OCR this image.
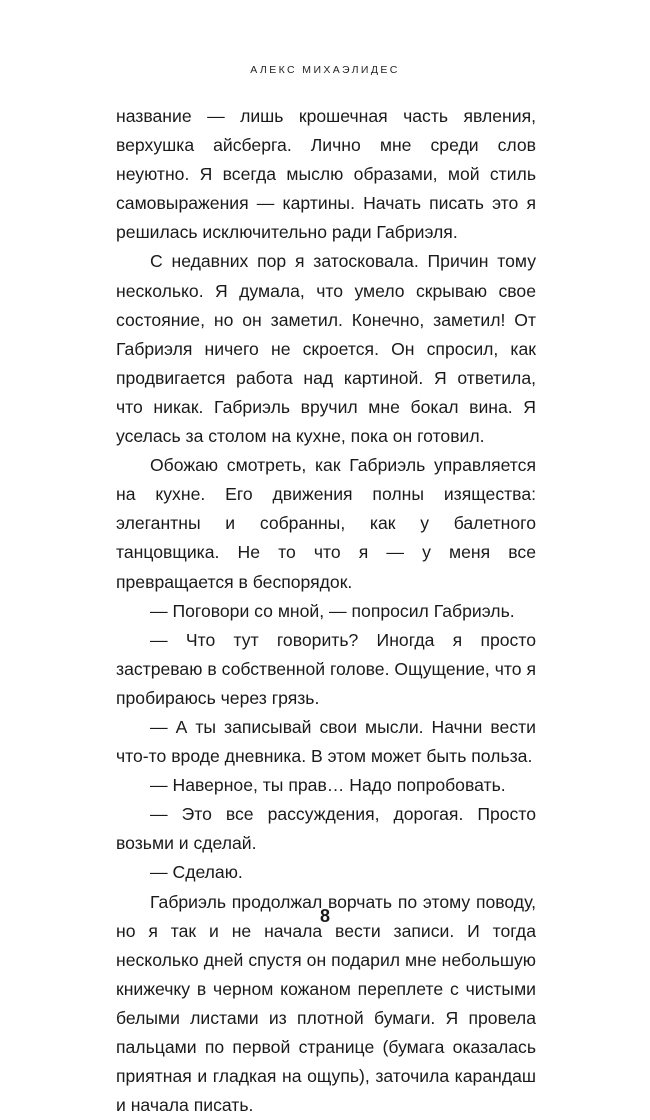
АЛЕКС МИХАЭЛИДЕС

название — лишь крошечная часть явления, верхушка айсберга. Лично мне среди слов неуютно. Я всегда мыслю образами, мой стиль самовыражения — картины. Начать писать это я решилась исключительно ради Габриэля.

С недавних пор я затосковала. Причин тому несколько. Я думала, что умело скрываю свое состояние, но он заметил. Конечно, заметил! От Габриэля ничего не скроется. Он спросил, как продвигается работа над картиной. Я ответила, что никак. Габриэль вручил мне бокал вина. Я уселась за столом на кухне, пока он готовил.

Обожаю смотреть, как Габриэль управляется на кухне. Его движения полны изящества: элегантны и собранны, как у балетного танцовщика. Не то что я — у меня все превращается в беспорядок.

— Поговори со мной, — попросил Габриэль.

— Что тут говорить? Иногда я просто застреваю в собственной голове. Ощущение, что я пробираюсь через грязь.

— А ты записывай свои мысли. Начни вести что-то вроде дневника. В этом может быть польза.

— Наверное, ты прав… Надо попробовать.

— Это все рассуждения, дорогая. Просто возьми и сделай.

— Сделаю.

Габриэль продолжал ворчать по этому поводу, но я так и не начала вести записи. И тогда несколько дней спустя он подарил мне небольшую книжечку в черном кожаном переплете с чистыми белыми листами из плотной бумаги. Я провела пальцами по первой странице (бумага оказалась приятная и гладкая на ощупь), заточила карандаш и начала писать.

8
